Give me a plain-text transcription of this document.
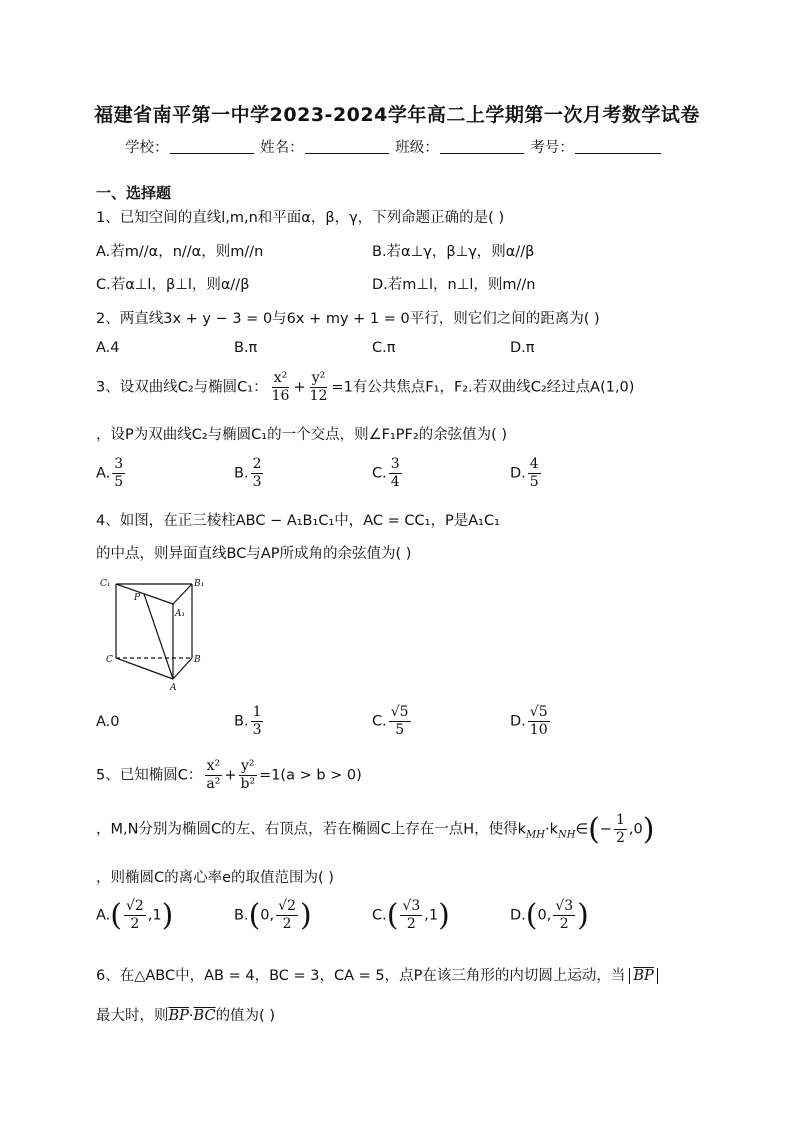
福建省南平第一中学2023-2024学年高二上学期第一次月考数学试卷
学校：	姓名：	班级：	考号：
一、选择题
1、已知空间的直线l,m,n和平面α，β，γ，下列命题正确的是( )
A.若m//α，n//α，则m//n	B.若α⊥γ，β⊥γ，则α//β
C.若α⊥l，β⊥l，则α//β	D.若m⊥l，n⊥l，则m//n
2、两直线3x + y − 3 = 0与6x + my + 1 = 0平行，则它们之间的距离为( )
A.4	B.π	C.π	D.π
3、设双曲线C₂与椭圆C₁： $\frac{\text{x²}}{16} + \frac{\text{y²}}{12} =1$有公共焦点F₁，F₂.若双曲线C₂经过点A(1,0)
，设P为双曲线C₂与椭圆C₁的一个交点，则∠F₁PF₂的余弦值为( )
A. $\frac{3}{5}$	B. $\frac{2}{3}$	C. $\frac{3}{4}$	D. $\frac{4}{5}$
4、如图，在正三棱柱ABC − A₁B₁C₁中，AC = CC₁，P是A₁C₁
的中点，则异面直线BC与AP所成角的余弦值为( )
C₁	B₁
P
A₁
C	B
A
A.0	B. $\frac{1}{3}$	C. $\frac{√5}{5}$	D. $\frac{√5}{10}$
5、已知椭圆C： $\frac{\text{x²}}{\text{a²}} + \frac{\text{y²}}{\text{b²}} =1(a > b > 0)$
，M,N分别为椭圆C的左、右顶点，若在椭圆C上存在一点H，使得$k_{MH}\cdot k_{NH}\in(- \frac{1}{2} ,0)$
，则椭圆C的离心率e的取值范围为( )
$A.( \frac{√2}{2} ,1)$	B.(0, $\frac{√2}{2}$ )	$C.( \frac{√3}{2} ,1)$	D.(0, $\frac{√3}{2}$ )
6、在△ABC中，AB = 4，BC = 3，CA = 5，点P在该三角形的内切圆上运动，当 $\overline{BP}$
最大时，则$\overline{BP}\cdot\overline{BC}$的值为( )
